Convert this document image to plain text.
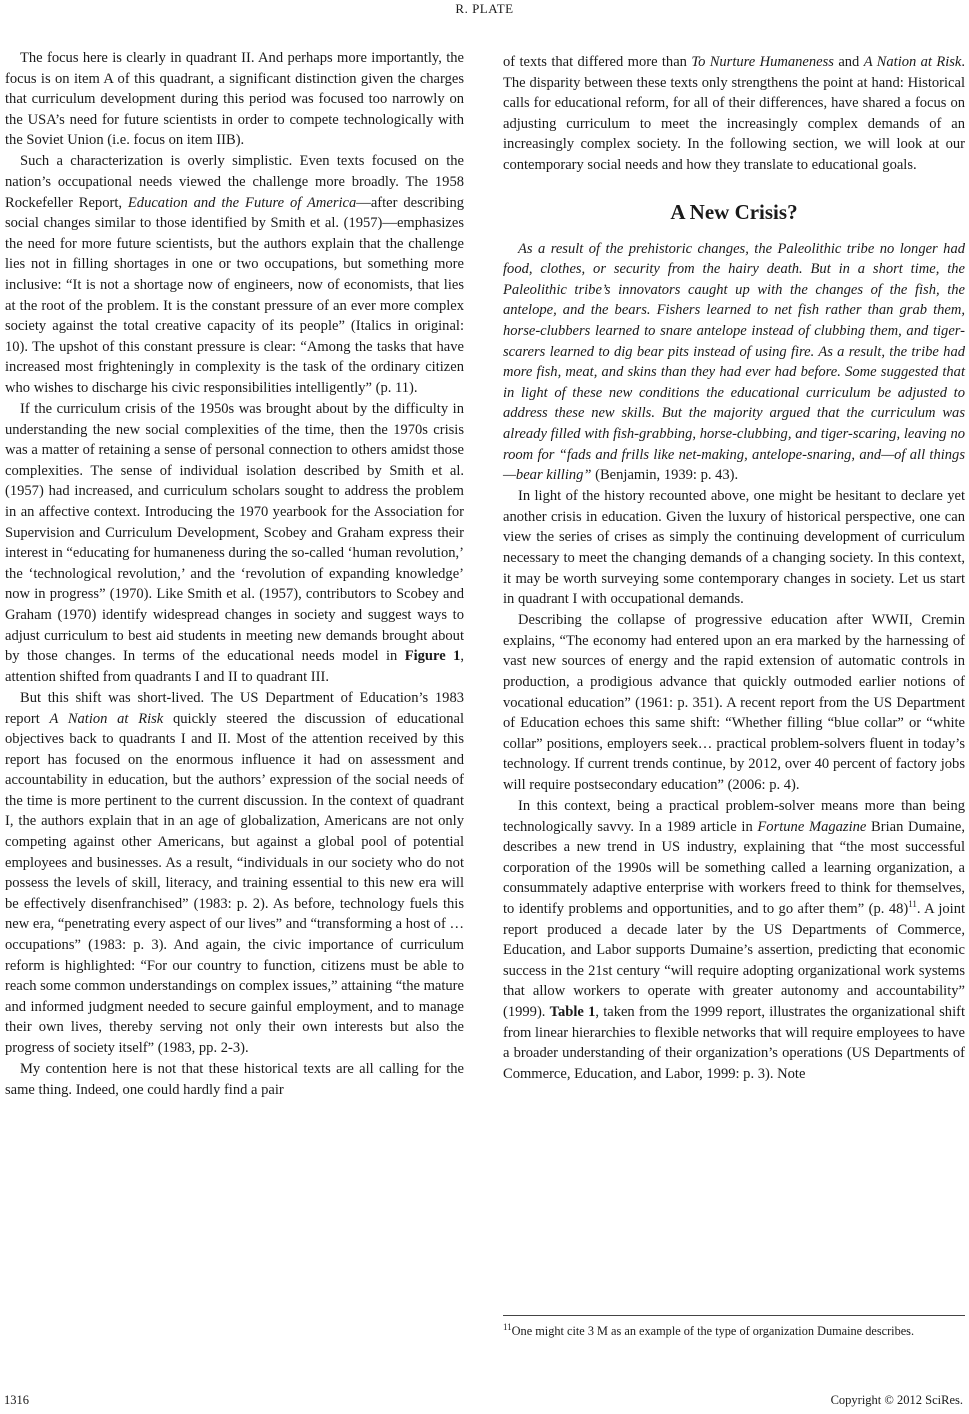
R. PLATE

The focus here is clearly in quadrant II. And perhaps more importantly, the focus is on item A of this quadrant, a significant distinction given the charges that curriculum development during this period was focused too narrowly on the USA’s need for future scientists in order to compete technologically with the Soviet Union (i.e. focus on item IIB).

Such a characterization is overly simplistic. Even texts focused on the nation’s occupational needs viewed the challenge more broadly. The 1958 Rockefeller Report, Education and the Future of America—after describing social changes similar to those identified by Smith et al. (1957)—emphasizes the need for more future scientists, but the authors explain that the challenge lies not in filling shortages in one or two occupations, but something more inclusive: “It is not a shortage now of engineers, now of economists, that lies at the root of the problem. It is the constant pressure of an ever more complex society against the total creative capacity of its people” (Italics in original: 10). The upshot of this constant pressure is clear: “Among the tasks that have increased most frighteningly in complexity is the task of the ordinary citizen who wishes to discharge his civic responsibilities intelligently” (p. 11).

If the curriculum crisis of the 1950s was brought about by the difficulty in understanding the new social complexities of the time, then the 1970s crisis was a matter of retaining a sense of personal connection to others amidst those complexities. The sense of individual isolation described by Smith et al. (1957) had increased, and curriculum scholars sought to address the problem in an affective context. Introducing the 1970 yearbook for the Association for Supervision and Curriculum Development, Scobey and Graham express their interest in “educating for humaneness during the so-called ‘human revolution,’ the ‘technological revolution,’ and the ‘revolution of expanding knowledge’ now in progress” (1970). Like Smith et al. (1957), contributors to Scobey and Graham (1970) identify widespread changes in society and suggest ways to adjust curriculum to best aid students in meeting new demands brought about by those changes. In terms of the educational needs model in Figure 1, attention shifted from quadrants I and II to quadrant III.

But this shift was short-lived. The US Department of Education’s 1983 report A Nation at Risk quickly steered the discussion of educational objectives back to quadrants I and II. Most of the attention received by this report has focused on the enormous influence it had on assessment and accountability in education, but the authors’ expression of the social needs of the time is more pertinent to the current discussion. In the context of quadrant I, the authors explain that in an age of globalization, Americans are not only competing against other Americans, but against a global pool of potential employees and businesses. As a result, “individuals in our society who do not possess the levels of skill, literacy, and training essential to this new era will be effectively disenfranchised” (1983: p. 2). As before, technology fuels this new era, “penetrating every aspect of our lives” and “transforming a host of … occupations” (1983: p. 3). And again, the civic importance of curriculum reform is highlighted: “For our country to function, citizens must be able to reach some common understandings on complex issues,” attaining “the mature and informed judgment needed to secure gainful employment, and to manage their own lives, thereby serving not only their own interests but also the progress of society itself” (1983, pp. 2-3).

My contention here is not that these historical texts are all calling for the same thing. Indeed, one could hardly find a pair

of texts that differed more than To Nurture Humaneness and A Nation at Risk. The disparity between these texts only strengthens the point at hand: Historical calls for educational reform, for all of their differences, have shared a focus on adjusting curriculum to meet the increasingly complex demands of an increasingly complex society. In the following section, we will look at our contemporary social needs and how they translate to educational goals.

A New Crisis?

As a result of the prehistoric changes, the Paleolithic tribe no longer had food, clothes, or security from the hairy death. But in a short time, the Paleolithic tribe’s innovators caught up with the changes of the fish, the antelope, and the bears. Fishers learned to net fish rather than grab them, horse-clubbers learned to snare antelope instead of clubbing them, and tiger-scarers learned to dig bear pits instead of using fire. As a result, the tribe had more fish, meat, and skins than they had ever had before. Some suggested that in light of these new conditions the educational curriculum be adjusted to address these new skills. But the majority argued that the curriculum was already filled with fish-grabbing, horse-clubbing, and tiger-scaring, leaving no room for “fads and frills like net-making, antelope-snaring, and—of all things—bear killing” (Benjamin, 1939: p. 43).

In light of the history recounted above, one might be hesitant to declare yet another crisis in education. Given the luxury of historical perspective, one can view the series of crises as simply the continuing development of curriculum necessary to meet the changing demands of a changing society. In this context, it may be worth surveying some contemporary changes in society. Let us start in quadrant I with occupational demands.

Describing the collapse of progressive education after WWII, Cremin explains, “The economy had entered upon an era marked by the harnessing of vast new sources of energy and the rapid extension of automatic controls in production, a prodigious advance that quickly outmoded earlier notions of vocational education” (1961: p. 351). A recent report from the US Department of Education echoes this same shift: “Whether filling “blue collar” or “white collar” positions, employers seek… practical problem-solvers fluent in today’s technology. If current trends continue, by 2012, over 40 percent of factory jobs will require postsecondary education” (2006: p. 4).

In this context, being a practical problem-solver means more than being technologically savvy. In a 1989 article in Fortune Magazine Brian Dumaine, describes a new trend in US industry, explaining that “the most successful corporation of the 1990s will be something called a learning organization, a consummately adaptive enterprise with workers freed to think for themselves, to identify problems and opportunities, and to go after them” (p. 48)$^{11}$. A joint report produced a decade later by the US Departments of Commerce, Education, and Labor supports Dumaine’s assertion, predicting that economic success in the 21st century “will require adopting organizational work systems that allow workers to operate with greater autonomy and accountability” (1999). Table 1, taken from the 1999 report, illustrates the organizational shift from linear hierarchies to flexible networks that will require employees to have a broader understanding of their organization’s operations (US Departments of Commerce, Education, and Labor, 1999: p. 3). Note

$^{11}$One might cite 3 M as an example of the type of organization Dumaine describes.
1316	Copyright © 2012 SciRes.
